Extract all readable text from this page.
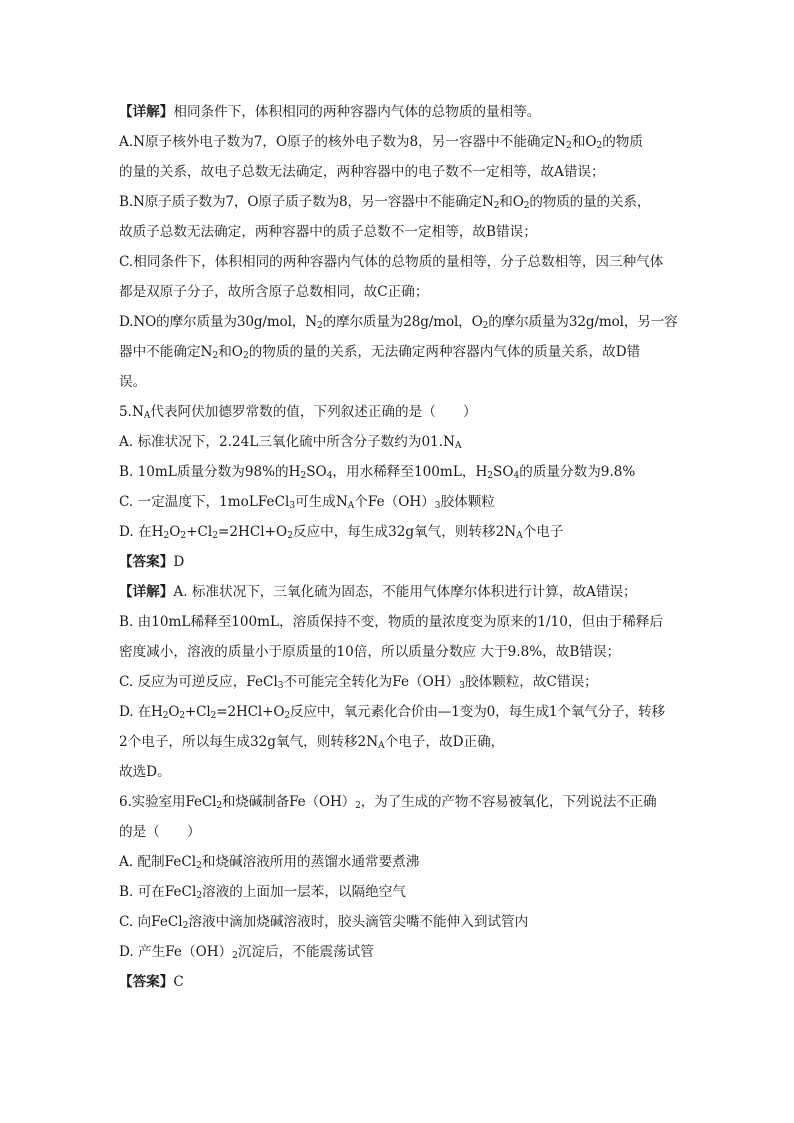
【详解】相同条件下，体积相同的两种容器内气体的总物质的量相等。
A.N原子核外电子数为7，O原子的核外电子数为8，另一容器中不能确定$N_2$和$O_2$的物质
的量的关系，故电子总数无法确定，两种容器中的电子数不一定相等，故A错误；
B.N原子质子数为7，O原子质子数为8，另一容器中不能确定$N_2$和$O_2$的物质的量的关系，
故质子总数无法确定，两种容器中的质子总数不一定相等，故B错误；
C.相同条件下，体积相同的两种容器内气体的总物质的量相等，分子总数相等，因三种气体
都是双原子分子，故所含原子总数相同，故C正确；
D.NO的摩尔质量为30g/mol，$N_2$的摩尔质量为28g/mol，$O_2$的摩尔质量为32g/mol，另一容
器中不能确定$N_2$和$O_2$的物质的量的关系，无法确定两种容器内气体的质量关系，故D错
误。
$5.N_A$代表阿伏加德罗常数的值，下列叙述正确的是（　　）
A. 标准状况下，2.24L三氧化硫中所含分子数约为$01.N_A$
B. 10mL质量分数为98%的$H_2SO_4$，用水稀释至100mL，$H_2SO_4$的质量分数为9.8%
C. 一定温度下，1moLFeCl$_3$可生成$N_A$个$Fe(OH)_3$胶体颗粒
D. 在$H_2O_2+Cl_2=2HCl+O_2$反应中，每生成32g氧气，则转移$2N_A$个电子
【答案】D
【详解】A. 标准状况下，三氧化硫为固态，不能用气体摩尔体积进行计算，故A错误；
B. 由10mL稀释至100mL，溶质保持不变，物质的量浓度变为原来的1/10，但由于稀释后
密度减小，溶液的质量小于原质量的10倍，所以质量分数应 大于9.8%，故B错误；
C. 反应为可逆反应，FeCl$_3$不可能完全转化为$Fe(OH)_3$胶体颗粒，故C错误；
D. 在$H_2O_2+Cl_2=2HCl+O_2$反应中，氧元素化合价由—1变为0，每生成1个氧气分子，转移
2个电子，所以每生成32g氧气，则转移$2N_A$个电子，故D正确，
故选D。
6.实验室用FeCl$_2$和烧碱制备$Fe(OH)_2$，为了生成的产物不容易被氧化，下列说法不正确
的是（　　）
A. 配制FeCl$_2$和烧碱溶液所用的蒸馏水通常要煮沸
B. 可在FeCl$_2$溶液的上面加一层苯，以隔绝空气
C. 向FeCl$_2$溶液中滴加烧碱溶液时，胶头滴管尖嘴不能伸入到试管内
D. 产生$Fe(OH)_2$沉淀后，不能震荡试管
【答案】C
